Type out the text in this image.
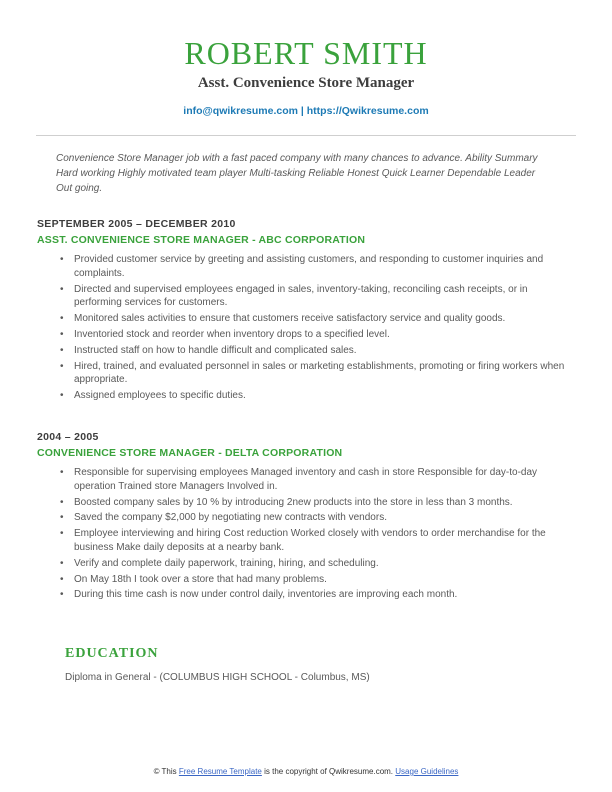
ROBERT SMITH
Asst. Convenience Store Manager
info@qwikresume.com | https://Qwikresume.com

Convenience Store Manager job with a fast paced company with many chances to advance. Ability Summary Hard working Highly motivated team player Multi-tasking Reliable Honest Quick Learner Dependable Leader Out going.

SEPTEMBER 2005 – DECEMBER 2010
ASST. CONVENIENCE STORE MANAGER - ABC CORPORATION
• Provided customer service by greeting and assisting customers, and responding to customer inquiries and complaints.
• Directed and supervised employees engaged in sales, inventory-taking, reconciling cash receipts, or in performing services for customers.
• Monitored sales activities to ensure that customers receive satisfactory service and quality goods.
• Inventoried stock and reorder when inventory drops to a specified level.
• Instructed staff on how to handle difficult and complicated sales.
• Hired, trained, and evaluated personnel in sales or marketing establishments, promoting or firing workers when appropriate.
• Assigned employees to specific duties.
2004 – 2005
CONVENIENCE STORE MANAGER - DELTA CORPORATION
• Responsible for supervising employees Managed inventory and cash in store Responsible for day-to-day operation Trained store Managers Involved in.
• Boosted company sales by 10 % by introducing 2new products into the store in less than 3 months.
• Saved the company $2,000 by negotiating new contracts with vendors.
• Employee interviewing and hiring Cost reduction Worked closely with vendors to order merchandise for the business Make daily deposits at a nearby bank.
• Verify and complete daily paperwork, training, hiring, and scheduling.
• On May 18th I took over a store that had many problems.
• During this time cash is now under control daily, inventories are improving each month.
EDUCATION
Diploma in General - (COLUMBUS HIGH SCHOOL - Columbus, MS)
© This Free Resume Template is the copyright of Qwikresume.com. Usage Guidelines
